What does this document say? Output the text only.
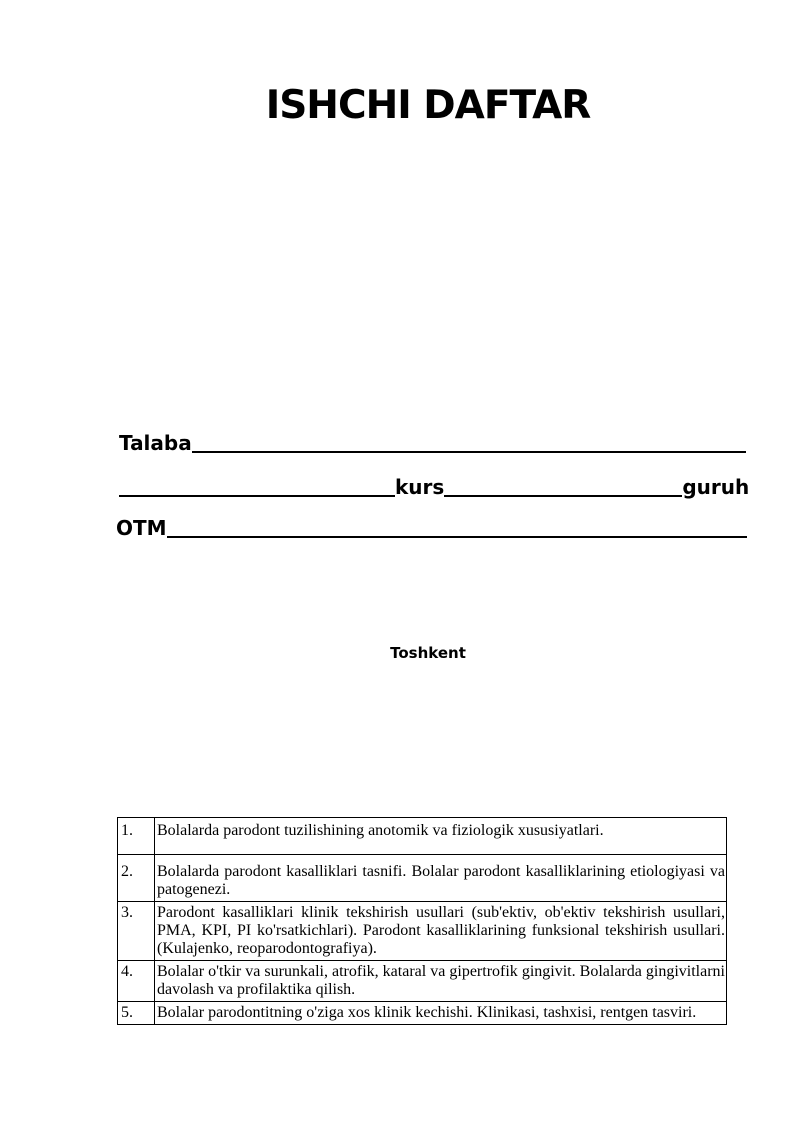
ISHCHI DAFTAR
Talaba
kurs	guruh
OTM
Toshkent
1.	Bolalarda parodont tuzilishining anotomik va fiziologik xususiyatlari.
2.	Bolalarda parodont kasalliklari tasnifi. Bolalar parodont kasalliklarining etiologiyasi va patogenezi.
3.	Parodont kasalliklari klinik tekshirish usullari (sub'ektiv, ob'ektiv tekshirish usullari, PMA, KPI, PI ko'rsatkichlari). Parodont kasalliklarining funksional tekshirish usullari. (Kulajenko, reoparodontografiya).
4.	Bolalar o'tkir va surunkali, atrofik, kataral va gipertrofik gingivit. Bolalarda gingivitlarni davolash va profilaktika qilish.
5.	Bolalar parodontitning o'ziga xos klinik kechishi. Klinikasi, tashxisi, rentgen tasviri.
